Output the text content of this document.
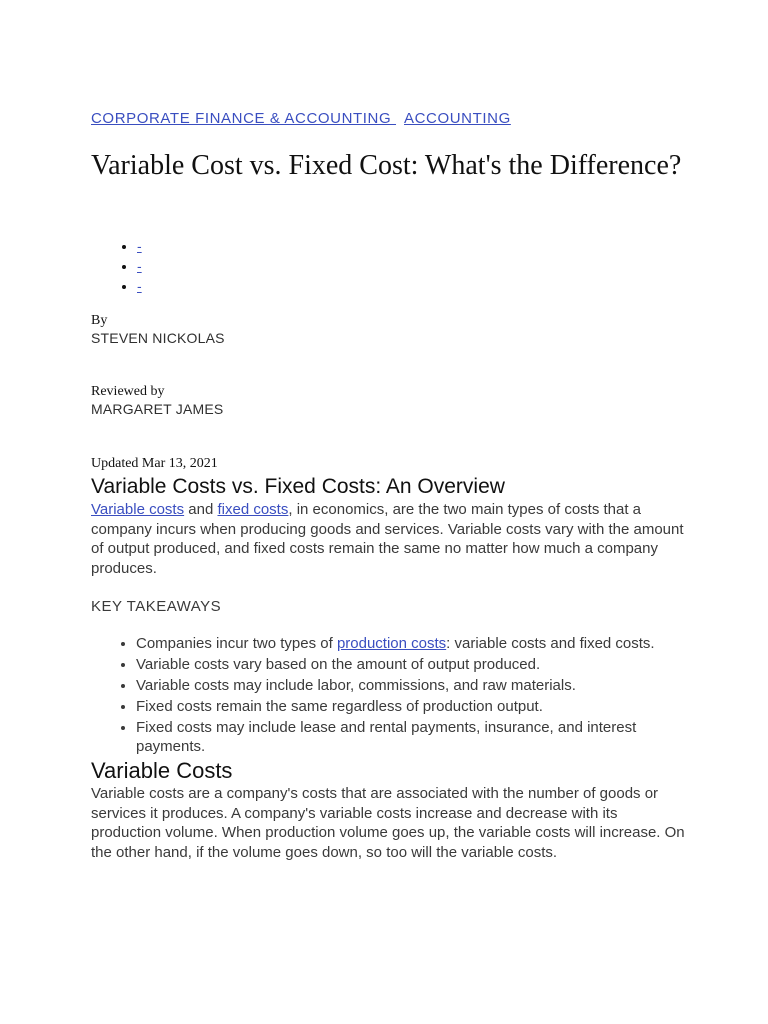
CORPORATE FINANCE & ACCOUNTING ACCOUNTING
Variable Cost vs. Fixed Cost: What's the Difference?
• -
• -
• -
By
STEVEN NICKOLAS
Reviewed by
MARGARET JAMES
Updated Mar 13, 2021
Variable Costs vs. Fixed Costs: An Overview

Variable costs and fixed costs, in economics, are the two main types of costs that a company incurs when producing goods and services. Variable costs vary with the amount of output produced, and fixed costs remain the same no matter how much a company produces.

KEY TAKEAWAYS
• Companies incur two types of production costs: variable costs and fixed costs.
• Variable costs vary based on the amount of output produced.
• Variable costs may include labor, commissions, and raw materials.
• Fixed costs remain the same regardless of production output.
• Fixed costs may include lease and rental payments, insurance, and interest payments.
Variable Costs

Variable costs are a company's costs that are associated with the number of goods or services it produces. A company's variable costs increase and decrease with its production volume. When production volume goes up, the variable costs will increase. On the other hand, if the volume goes down, so too will the variable costs.
